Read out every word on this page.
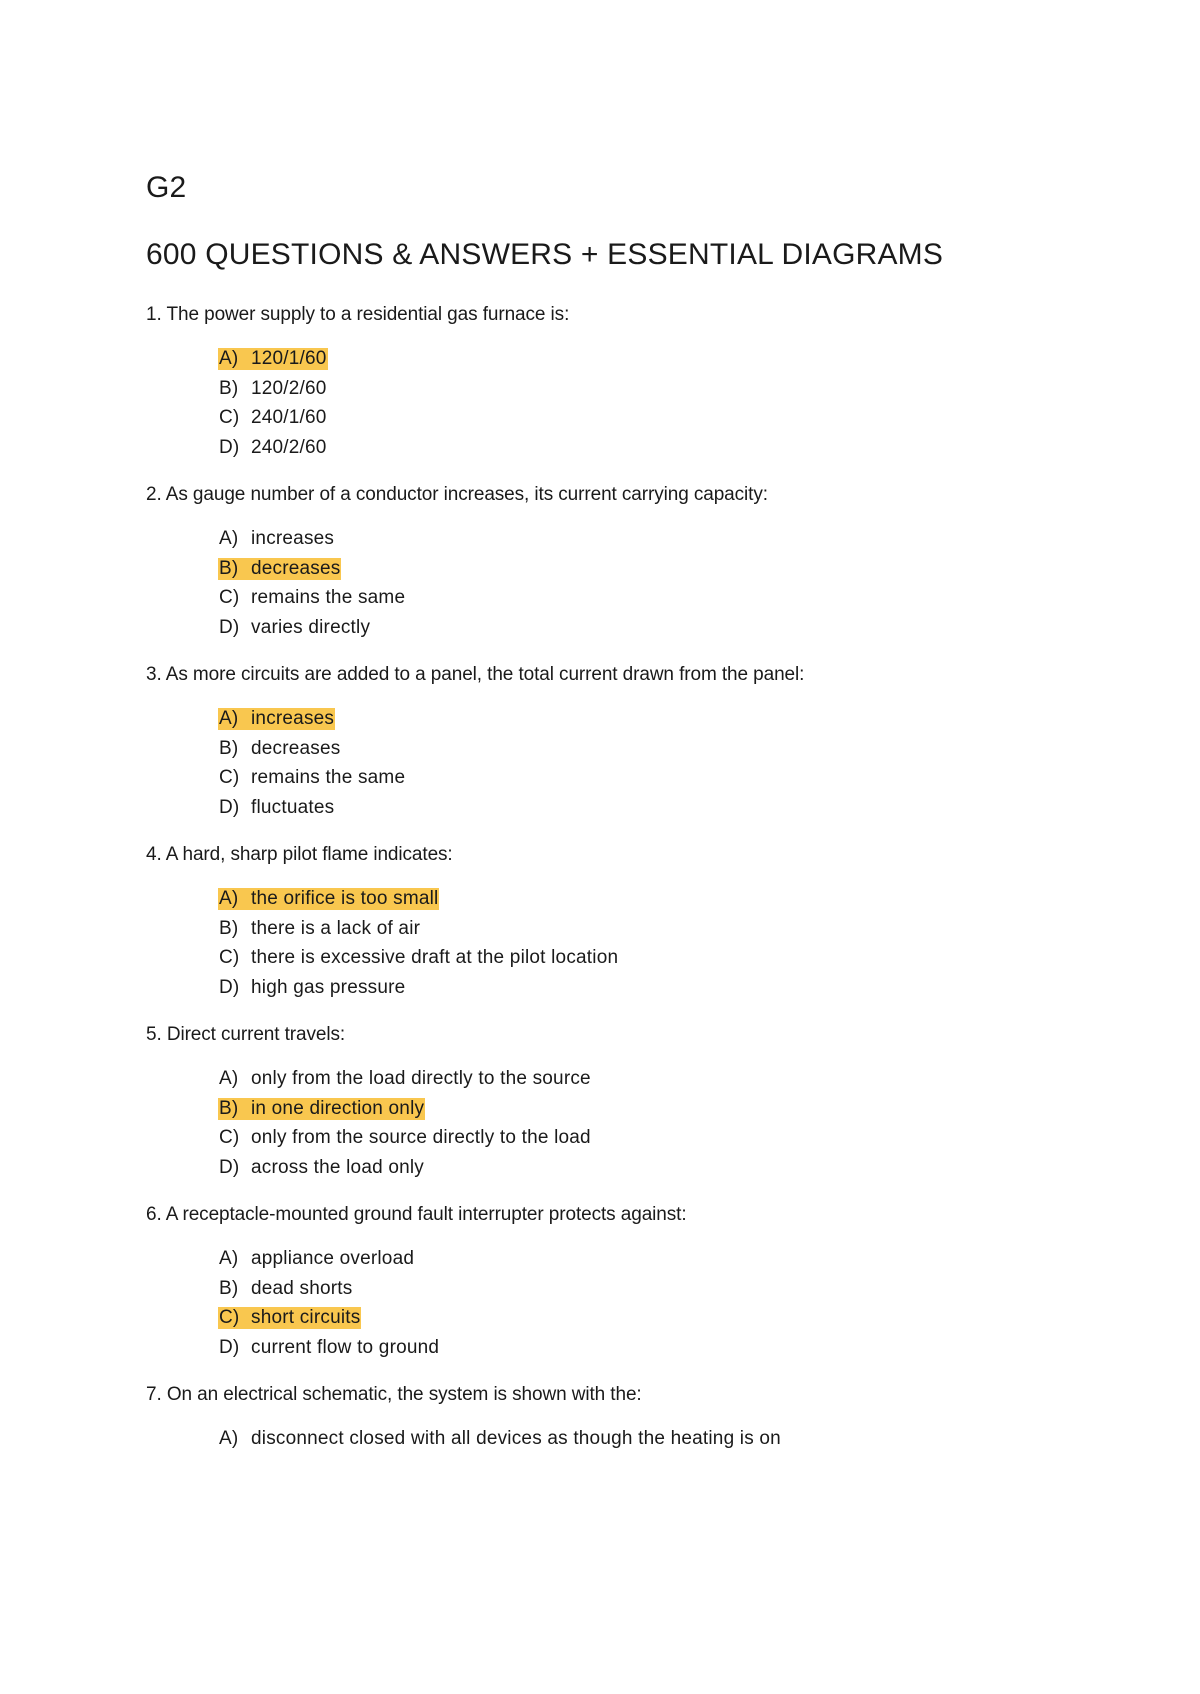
G2
600 QUESTIONS & ANSWERS + ESSENTIAL DIAGRAMS

1. The power supply to a residential gas furnace is:

A) 120/1/60
B) 120/2/60
C) 240/1/60
D) 240/2/60

2. As gauge number of a conductor increases, its current carrying capacity:

A) increases
B) decreases
C) remains the same
D) varies directly

3. As more circuits are added to a panel, the total current drawn from the panel:

A) increases
B) decreases
C) remains the same
D) fluctuates

4. A hard, sharp pilot flame indicates:

A) the orifice is too small
B) there is a lack of air
C) there is excessive draft at the pilot location
D) high gas pressure

5. Direct current travels:

A) only from the load directly to the source
B) in one direction only
C) only from the source directly to the load
D) across the load only

6. A receptacle-mounted ground fault interrupter protects against:

A) appliance overload
B) dead shorts
C) short circuits
D) current flow to ground

7. On an electrical schematic, the system is shown with the:

A) disconnect closed with all devices as though the heating is on
